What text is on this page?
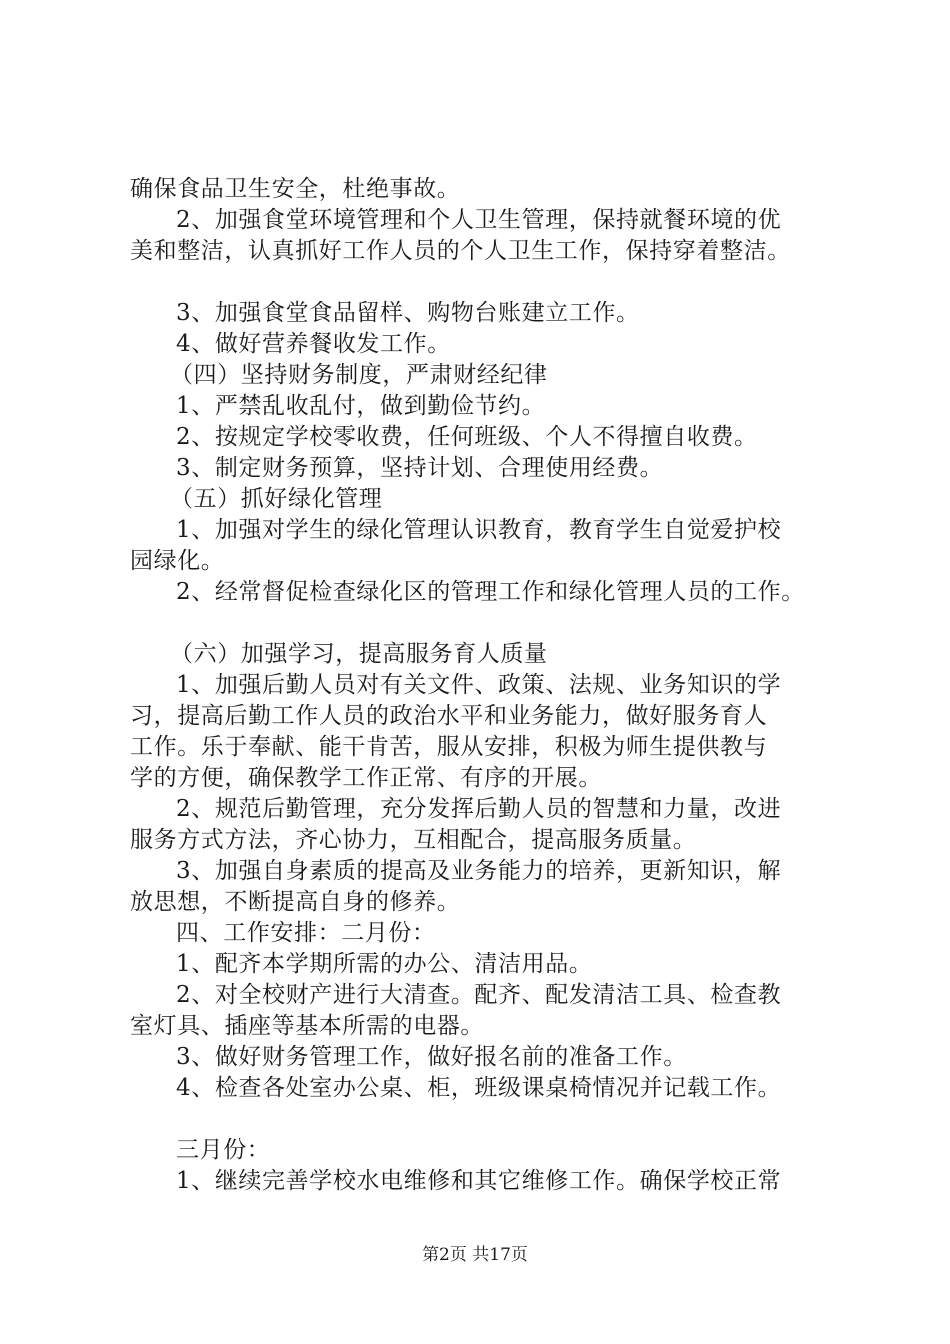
确保食品卫生安全，杜绝事故。
2、加强食堂环境管理和个人卫生管理，保持就餐环境的优
美和整洁，认真抓好工作人员的个人卫生工作，保持穿着整洁。
3、加强食堂食品留样、购物台账建立工作。
4、做好营养餐收发工作。
（四）坚持财务制度，严肃财经纪律
1、严禁乱收乱付，做到勤俭节约。
2、按规定学校零收费，任何班级、个人不得擅自收费。
3、制定财务预算，坚持计划、合理使用经费。
（五）抓好绿化管理
1、加强对学生的绿化管理认识教育，教育学生自觉爱护校
园绿化。
2、经常督促检查绿化区的管理工作和绿化管理人员的工作。
（六）加强学习，提高服务育人质量
1、加强后勤人员对有关文件、政策、法规、业务知识的学
习，提高后勤工作人员的政治水平和业务能力，做好服务育人
工作。乐于奉献、能干肯苦，服从安排，积极为师生提供教与
学的方便，确保教学工作正常、有序的开展。
2、规范后勤管理，充分发挥后勤人员的智慧和力量，改进
服务方式方法，齐心协力，互相配合，提高服务质量。
3、加强自身素质的提高及业务能力的培养，更新知识，解
放思想，不断提高自身的修养。
四、工作安排：二月份：
1、配齐本学期所需的办公、清洁用品。
2、对全校财产进行大清查。配齐、配发清洁工具、检查教
室灯具、插座等基本所需的电器。
3、做好财务管理工作，做好报名前的准备工作。
4、检查各处室办公桌、柜，班级课桌椅情况并记载工作。
三月份：
1、继续完善学校水电维修和其它维修工作。确保学校正常
第2页 共17页
